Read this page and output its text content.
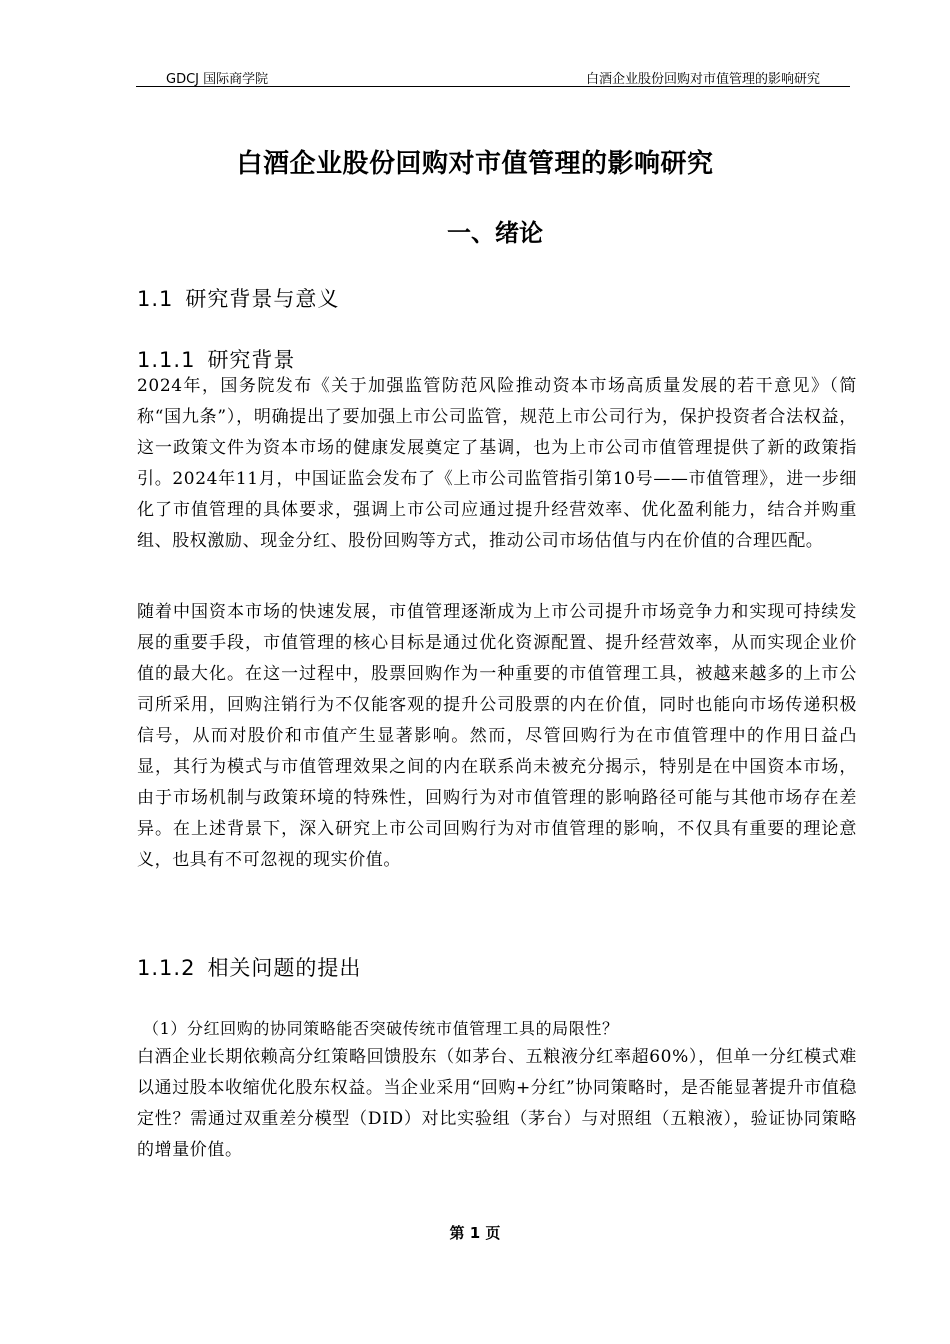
GDCJ 国际商学院	白酒企业股份回购对市值管理的影响研究
白酒企业股份回购对市值管理的影响研究
一、绪论
1.1 研究背景与意义
1.1.1 研究背景

2024年，国务院发布《关于加强监管防范风险推动资本市场高质量发展的若干意见》（简称“国九条”），明确提出了要加强上市公司监管，规范上市公司行为，保护投资者合法权益，这一政策文件为资本市场的健康发展奠定了基调，也为上市公司市值管理提供了新的政策指引。2024年11月，中国证监会发布了《上市公司监管指引第10号——市值管理》，进一步细化了市值管理的具体要求，强调上市公司应通过提升经营效率、优化盈利能力，结合并购重组、股权激励、现金分红、股份回购等方式，推动公司市场估值与内在价值的合理匹配。

随着中国资本市场的快速发展，市值管理逐渐成为上市公司提升市场竞争力和实现可持续发展的重要手段，市值管理的核心目标是通过优化资源配置、提升经营效率，从而实现企业价值的最大化。在这一过程中，股票回购作为一种重要的市值管理工具，被越来越多的上市公司所采用，回购注销行为不仅能客观的提升公司股票的内在价值，同时也能向市场传递积极信号，从而对股价和市值产生显著影响。然而，尽管回购行为在市值管理中的作用日益凸显，其行为模式与市值管理效果之间的内在联系尚未被充分揭示，特别是在中国资本市场，由于市场机制与政策环境的特殊性，回购行为对市值管理的影响路径可能与其他市场存在差异。在上述背景下，深入研究上市公司回购行为对市值管理的影响，不仅具有重要的理论意义，也具有不可忽视的现实价值。

1.1.2 相关问题的提出
（1）分红回购的协同策略能否突破传统市值管理工具的局限性？

白酒企业长期依赖高分红策略回馈股东（如茅台、五粮液分红率超60%），但单一分红模式难以通过股本收缩优化股东权益。当企业采用“回购+分红”协同策略时，是否能显著提升市值稳定性？需通过双重差分模型（DID）对比实验组（茅台）与对照组（五粮液），验证协同策略的增量价值。

第 1 页
